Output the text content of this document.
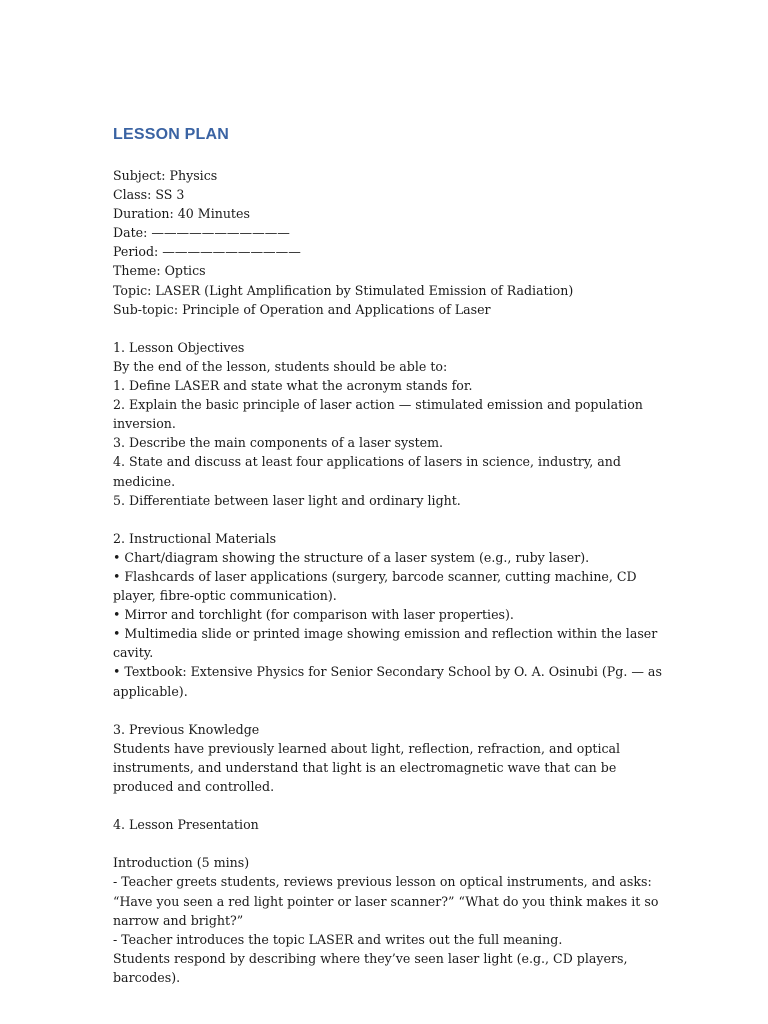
LESSON PLAN
Subject: Physics
Class: SS 3
Duration: 40 Minutes
Date: ———————————
Period: ———————————
Theme: Optics
Topic: LASER (Light Amplification by Stimulated Emission of Radiation)
Sub-topic: Principle of Operation and Applications of Laser
1. Lesson Objectives
By the end of the lesson, students should be able to:
1. Define LASER and state what the acronym stands for.
2. Explain the basic principle of laser action — stimulated emission and population inversion.
3. Describe the main components of a laser system.
4. State and discuss at least four applications of lasers in science, industry, and medicine.
5. Differentiate between laser light and ordinary light.
2. Instructional Materials
• Chart/diagram showing the structure of a laser system (e.g., ruby laser).
• Flashcards of laser applications (surgery, barcode scanner, cutting machine, CD player, fibre-optic communication).
• Mirror and torchlight (for comparison with laser properties).
• Multimedia slide or printed image showing emission and reflection within the laser cavity.
• Textbook: Extensive Physics for Senior Secondary School by O. A. Osinubi (Pg. — as applicable).
3. Previous Knowledge
Students have previously learned about light, reflection, refraction, and optical instruments, and understand that light is an electromagnetic wave that can be produced and controlled.
4. Lesson Presentation
Introduction (5 mins)
- Teacher greets students, reviews previous lesson on optical instruments, and asks: “Have you seen a red light pointer or laser scanner?” “What do you think makes it so narrow and bright?”
- Teacher introduces the topic LASER and writes out the full meaning.
Students respond by describing where they’ve seen laser light (e.g., CD players, barcodes).
